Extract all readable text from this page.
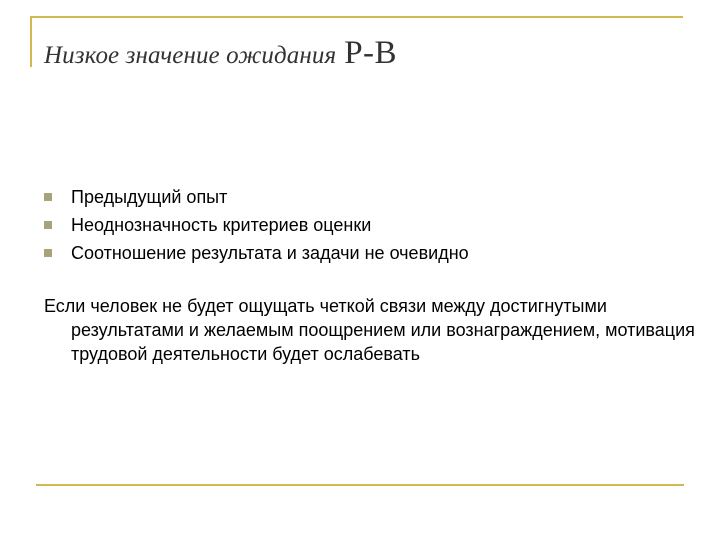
Низкое значение ожидания P-B
Предыдущий опыт
Неоднозначность критериев оценки
Соотношение результата и задачи не очевидно

Если человек не будет ощущать четкой связи между достигнутыми результатами и желаемым поощрением или вознаграждением, мотивация трудовой деятельности будет ослабевать
